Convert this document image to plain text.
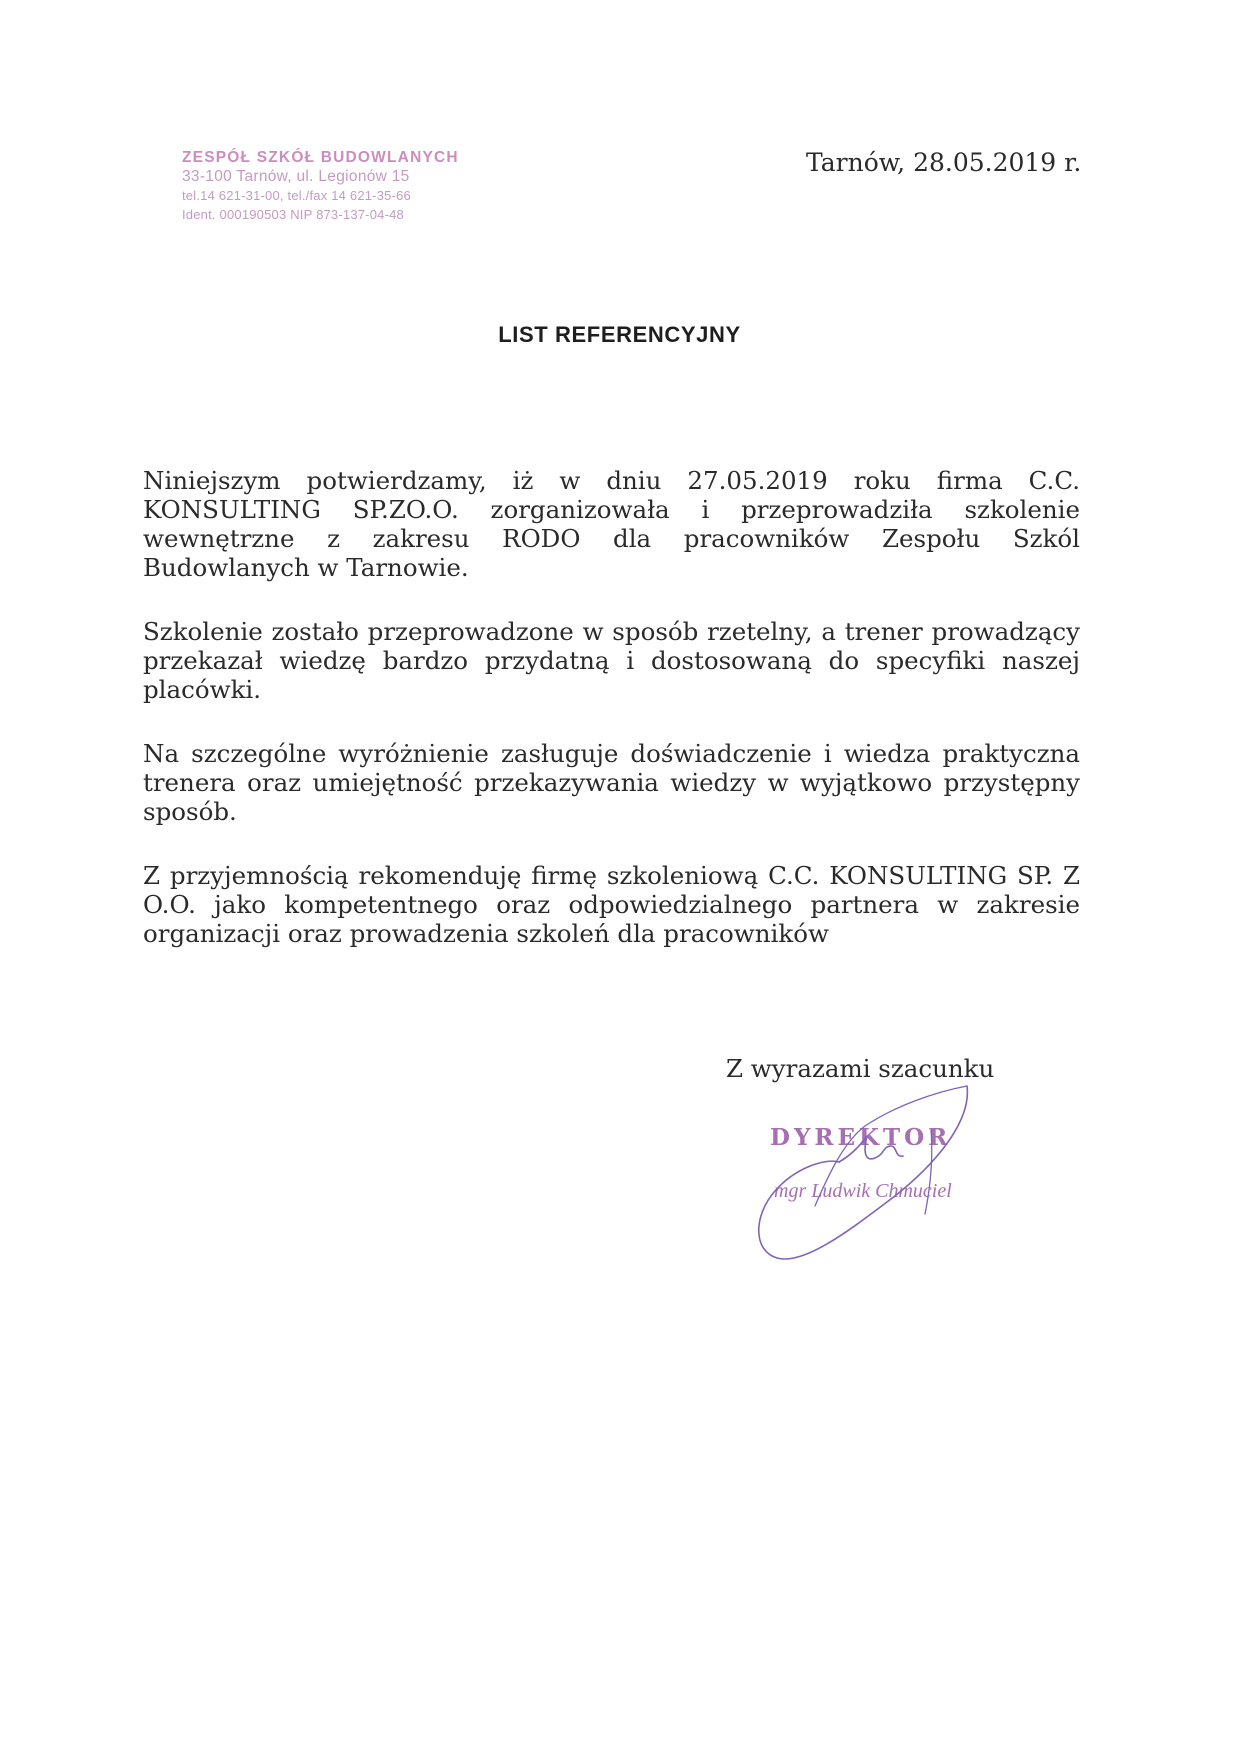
ZESPÓŁ SZKÓŁ BUDOWLANYCH
33-100 Tarnów, ul. Legionów 15
tel.14 621-31-00, tel./fax 14 621-35-66
Ident. 000190503 NIP 873-137-04-48
Tarnów, 28.05.2019 r.
LIST REFERENCYJNY

Niniejszym potwierdzamy, iż w dniu 27.05.2019 roku firma C.C. KONSULTING SP.ZO.O. zorganizowała i przeprowadziła szkolenie wewnętrzne z zakresu RODO dla pracowników Zespołu Szkól Budowlanych w Tarnowie.

Szkolenie zostało przeprowadzone w sposób rzetelny, a trener prowadzący przekazał wiedzę bardzo przydatną i dostosowaną do specyfiki naszej placówki.

Na szczególne wyróżnienie zasługuje doświadczenie i wiedza praktyczna trenera oraz umiejętność przekazywania wiedzy w wyjątkowo przystępny sposób.

Z przyjemnością rekomenduję firmę szkoleniową C.C. KONSULTING SP. Z O.O. jako kompetentnego oraz odpowiedzialnego partnera w zakresie organizacji oraz prowadzenia szkoleń dla pracowników

Z wyrazami szacunku
DYREKTOR
mgr Ludwik Chmuciel
